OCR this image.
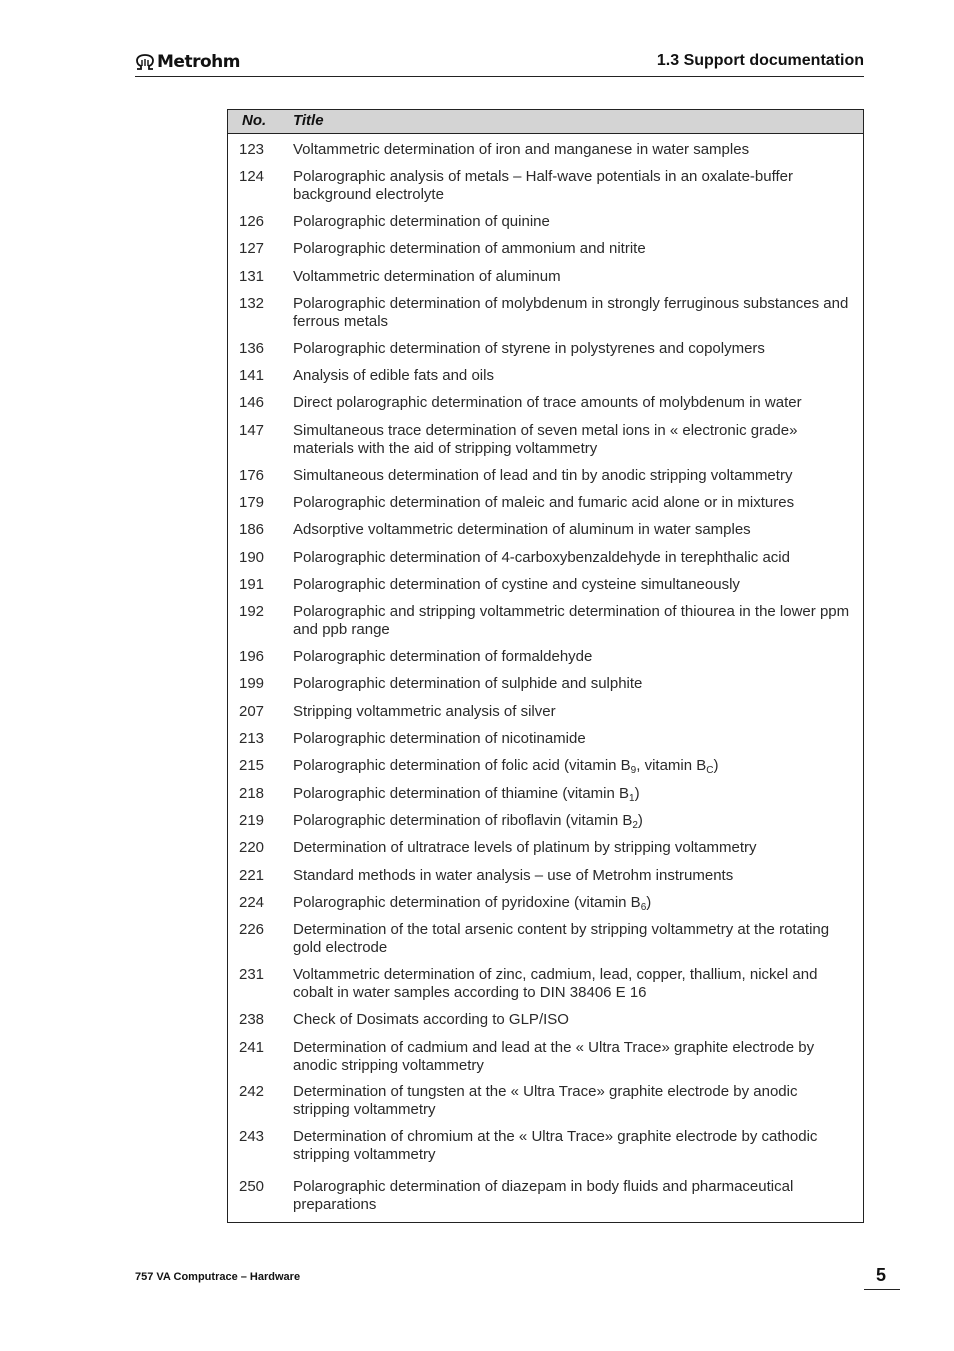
Metrohm	1.3 Support documentation
No. Title
123 Voltammetric determination of iron and manganese in water samples
124 Polarographic analysis of metals – Half-wave potentials in an oxalate-buffer background electrolyte
126 Polarographic determination of quinine
127 Polarographic determination of ammonium and nitrite
131 Voltammetric determination of aluminum
132 Polarographic determination of molybdenum in strongly ferruginous substances and ferrous metals
136 Polarographic determination of styrene in polystyrenes and copolymers
141 Analysis of edible fats and oils
146 Direct polarographic determination of trace amounts of molybdenum in water
147 Simultaneous trace determination of seven metal ions in « electronic grade» materials with the aid of stripping voltammetry
176 Simultaneous determination of lead and tin by anodic stripping voltammetry
179 Polarographic determination of maleic and fumaric acid alone or in mixtures
186 Adsorptive voltammetric determination of aluminum in water samples
190 Polarographic determination of 4-carboxybenzaldehyde in terephthalic acid
191 Polarographic determination of cystine and cysteine simultaneously
192 Polarographic and stripping voltammetric determination of thiourea in the lower ppm and ppb range
196 Polarographic determination of formaldehyde
199 Polarographic determination of sulphide and sulphite
207 Stripping voltammetric analysis of silver
213 Polarographic determination of nicotinamide
215 Polarographic determination of folic acid (vitamin $B_9$, vitamin $B_C$)
218 Polarographic determination of thiamine (vitamin $B_1$)
219 Polarographic determination of riboflavin (vitamin $B_2$)
220 Determination of ultratrace levels of platinum by stripping voltammetry
221 Standard methods in water analysis – use of Metrohm instruments
224 Polarographic determination of pyridoxine (vitamin $B_6$)
226 Determination of the total arsenic content by stripping voltammetry at the rotating gold electrode
231 Voltammetric determination of zinc, cadmium, lead, copper, thallium, nickel and cobalt in water samples according to DIN 38406 E 16
238 Check of Dosimats according to GLP/ISO
241 Determination of cadmium and lead at the « Ultra Trace» graphite electrode by anodic stripping voltammetry
242 Determination of tungsten at the « Ultra Trace» graphite electrode by anodic stripping voltammetry
243 Determination of chromium at the « Ultra Trace» graphite electrode by cathodic stripping voltammetry
250 Polarographic determination of diazepam in body fluids and pharmaceutical preparations
757 VA Computrace – Hardware	5
